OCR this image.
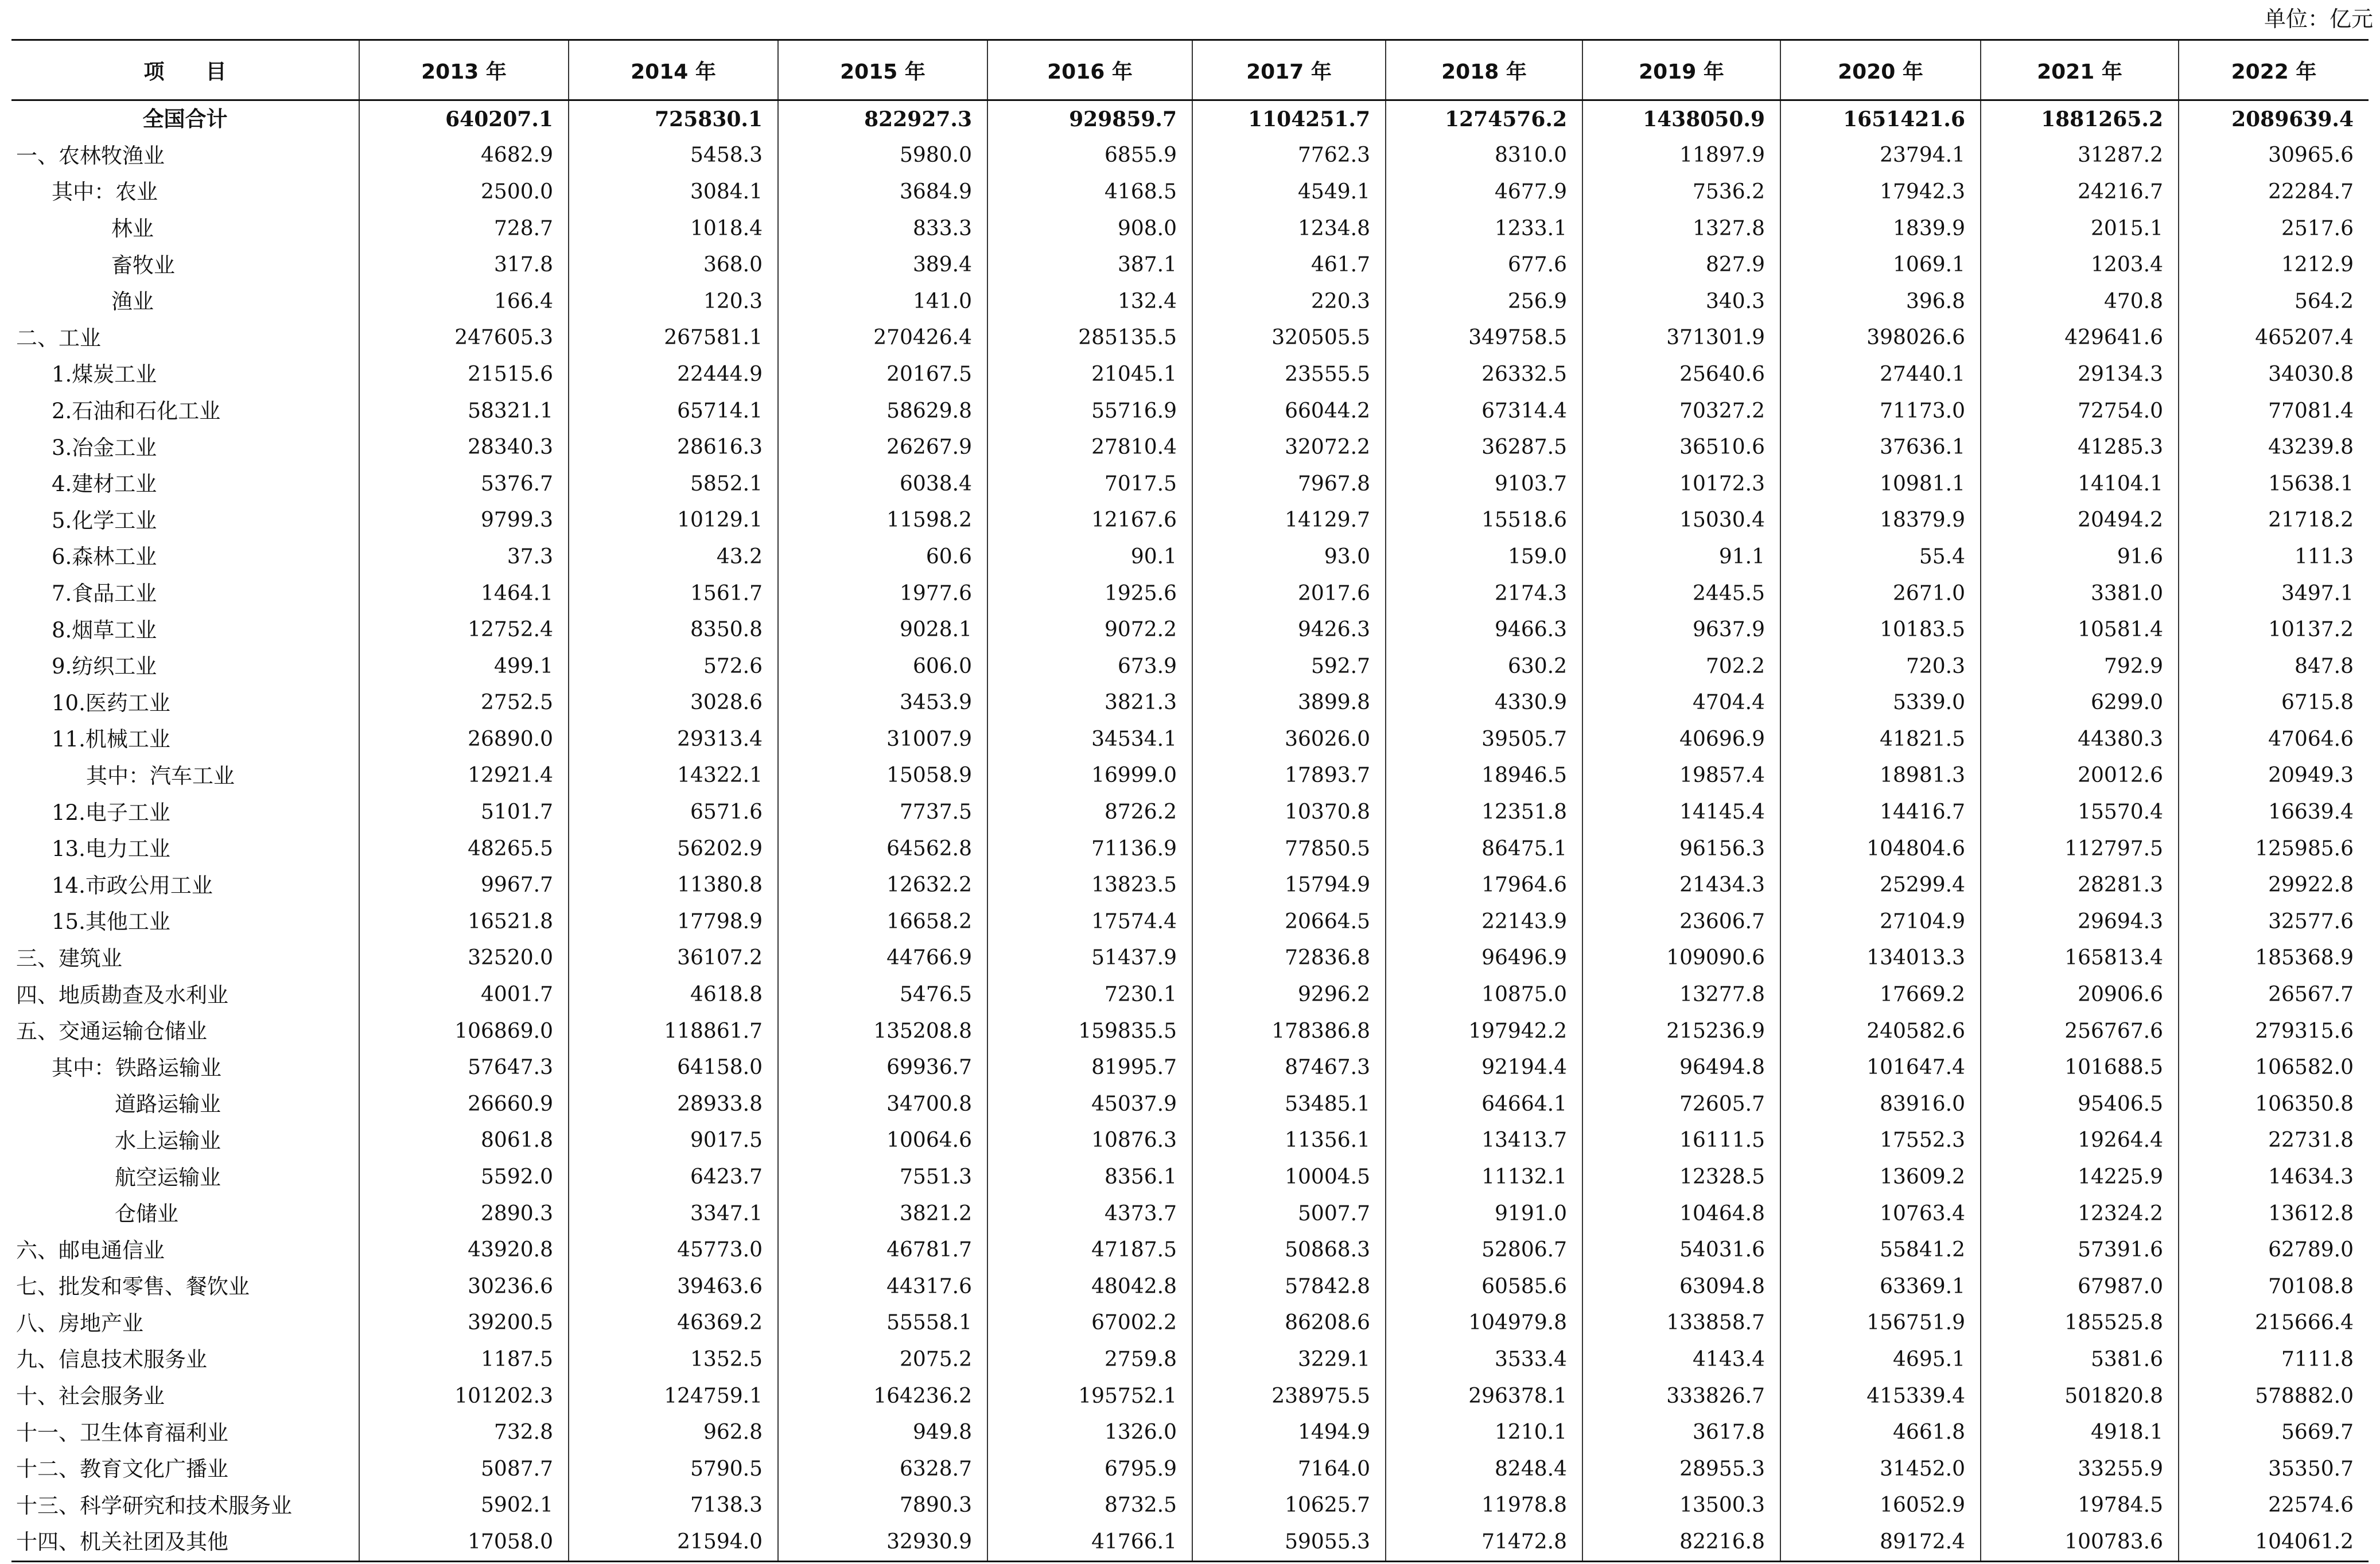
单位：亿元
项　　目	2013 年	2014 年	2015 年	2016 年	2017 年	2018 年	2019 年	2020 年	2021 年	2022 年
全国合计	640207.1	725830.1	822927.3	929859.7	1104251.7	1274576.2	1438050.9	1651421.6	1881265.2	2089639.4
一、农林牧渔业	4682.9	5458.3	5980.0	6855.9	7762.3	8310.0	11897.9	23794.1	31287.2	30965.6
其中：农业	2500.0	3084.1	3684.9	4168.5	4549.1	4677.9	7536.2	17942.3	24216.7	22284.7
林业	728.7	1018.4	833.3	908.0	1234.8	1233.1	1327.8	1839.9	2015.1	2517.6
畜牧业	317.8	368.0	389.4	387.1	461.7	677.6	827.9	1069.1	1203.4	1212.9
渔业	166.4	120.3	141.0	132.4	220.3	256.9	340.3	396.8	470.8	564.2
二、工业	247605.3	267581.1	270426.4	285135.5	320505.5	349758.5	371301.9	398026.6	429641.6	465207.4
1.煤炭工业	21515.6	22444.9	20167.5	21045.1	23555.5	26332.5	25640.6	27440.1	29134.3	34030.8
2.石油和石化工业	58321.1	65714.1	58629.8	55716.9	66044.2	67314.4	70327.2	71173.0	72754.0	77081.4
3.冶金工业	28340.3	28616.3	26267.9	27810.4	32072.2	36287.5	36510.6	37636.1	41285.3	43239.8
4.建材工业	5376.7	5852.1	6038.4	7017.5	7967.8	9103.7	10172.3	10981.1	14104.1	15638.1
5.化学工业	9799.3	10129.1	11598.2	12167.6	14129.7	15518.6	15030.4	18379.9	20494.2	21718.2
6.森林工业	37.3	43.2	60.6	90.1	93.0	159.0	91.1	55.4	91.6	111.3
7.食品工业	1464.1	1561.7	1977.6	1925.6	2017.6	2174.3	2445.5	2671.0	3381.0	3497.1
8.烟草工业	12752.4	8350.8	9028.1	9072.2	9426.3	9466.3	9637.9	10183.5	10581.4	10137.2
9.纺织工业	499.1	572.6	606.0	673.9	592.7	630.2	702.2	720.3	792.9	847.8
10.医药工业	2752.5	3028.6	3453.9	3821.3	3899.8	4330.9	4704.4	5339.0	6299.0	6715.8
11.机械工业	26890.0	29313.4	31007.9	34534.1	36026.0	39505.7	40696.9	41821.5	44380.3	47064.6
其中：汽车工业	12921.4	14322.1	15058.9	16999.0	17893.7	18946.5	19857.4	18981.3	20012.6	20949.3
12.电子工业	5101.7	6571.6	7737.5	8726.2	10370.8	12351.8	14145.4	14416.7	15570.4	16639.4
13.电力工业	48265.5	56202.9	64562.8	71136.9	77850.5	86475.1	96156.3	104804.6	112797.5	125985.6
14.市政公用工业	9967.7	11380.8	12632.2	13823.5	15794.9	17964.6	21434.3	25299.4	28281.3	29922.8
15.其他工业	16521.8	17798.9	16658.2	17574.4	20664.5	22143.9	23606.7	27104.9	29694.3	32577.6
三、建筑业	32520.0	36107.2	44766.9	51437.9	72836.8	96496.9	109090.6	134013.3	165813.4	185368.9
四、地质勘查及水利业	4001.7	4618.8	5476.5	7230.1	9296.2	10875.0	13277.8	17669.2	20906.6	26567.7
五、交通运输仓储业	106869.0	118861.7	135208.8	159835.5	178386.8	197942.2	215236.9	240582.6	256767.6	279315.6
其中：铁路运输业	57647.3	64158.0	69936.7	81995.7	87467.3	92194.4	96494.8	101647.4	101688.5	106582.0
道路运输业	26660.9	28933.8	34700.8	45037.9	53485.1	64664.1	72605.7	83916.0	95406.5	106350.8
水上运输业	8061.8	9017.5	10064.6	10876.3	11356.1	13413.7	16111.5	17552.3	19264.4	22731.8
航空运输业	5592.0	6423.7	7551.3	8356.1	10004.5	11132.1	12328.5	13609.2	14225.9	14634.3
仓储业	2890.3	3347.1	3821.2	4373.7	5007.7	9191.0	10464.8	10763.4	12324.2	13612.8
六、邮电通信业	43920.8	45773.0	46781.7	47187.5	50868.3	52806.7	54031.6	55841.2	57391.6	62789.0
七、批发和零售、餐饮业	30236.6	39463.6	44317.6	48042.8	57842.8	60585.6	63094.8	63369.1	67987.0	70108.8
八、房地产业	39200.5	46369.2	55558.1	67002.2	86208.6	104979.8	133858.7	156751.9	185525.8	215666.4
九、信息技术服务业	1187.5	1352.5	2075.2	2759.8	3229.1	3533.4	4143.4	4695.1	5381.6	7111.8
十、社会服务业	101202.3	124759.1	164236.2	195752.1	238975.5	296378.1	333826.7	415339.4	501820.8	578882.0
十一、卫生体育福利业	732.8	962.8	949.8	1326.0	1494.9	1210.1	3617.8	4661.8	4918.1	5669.7
十二、教育文化广播业	5087.7	5790.5	6328.7	6795.9	7164.0	8248.4	28955.3	31452.0	33255.9	35350.7
十三、科学研究和技术服务业	5902.1	7138.3	7890.3	8732.5	10625.7	11978.8	13500.3	16052.9	19784.5	22574.6
十四、机关社团及其他	17058.0	21594.0	32930.9	41766.1	59055.3	71472.8	82216.8	89172.4	100783.6	104061.2
